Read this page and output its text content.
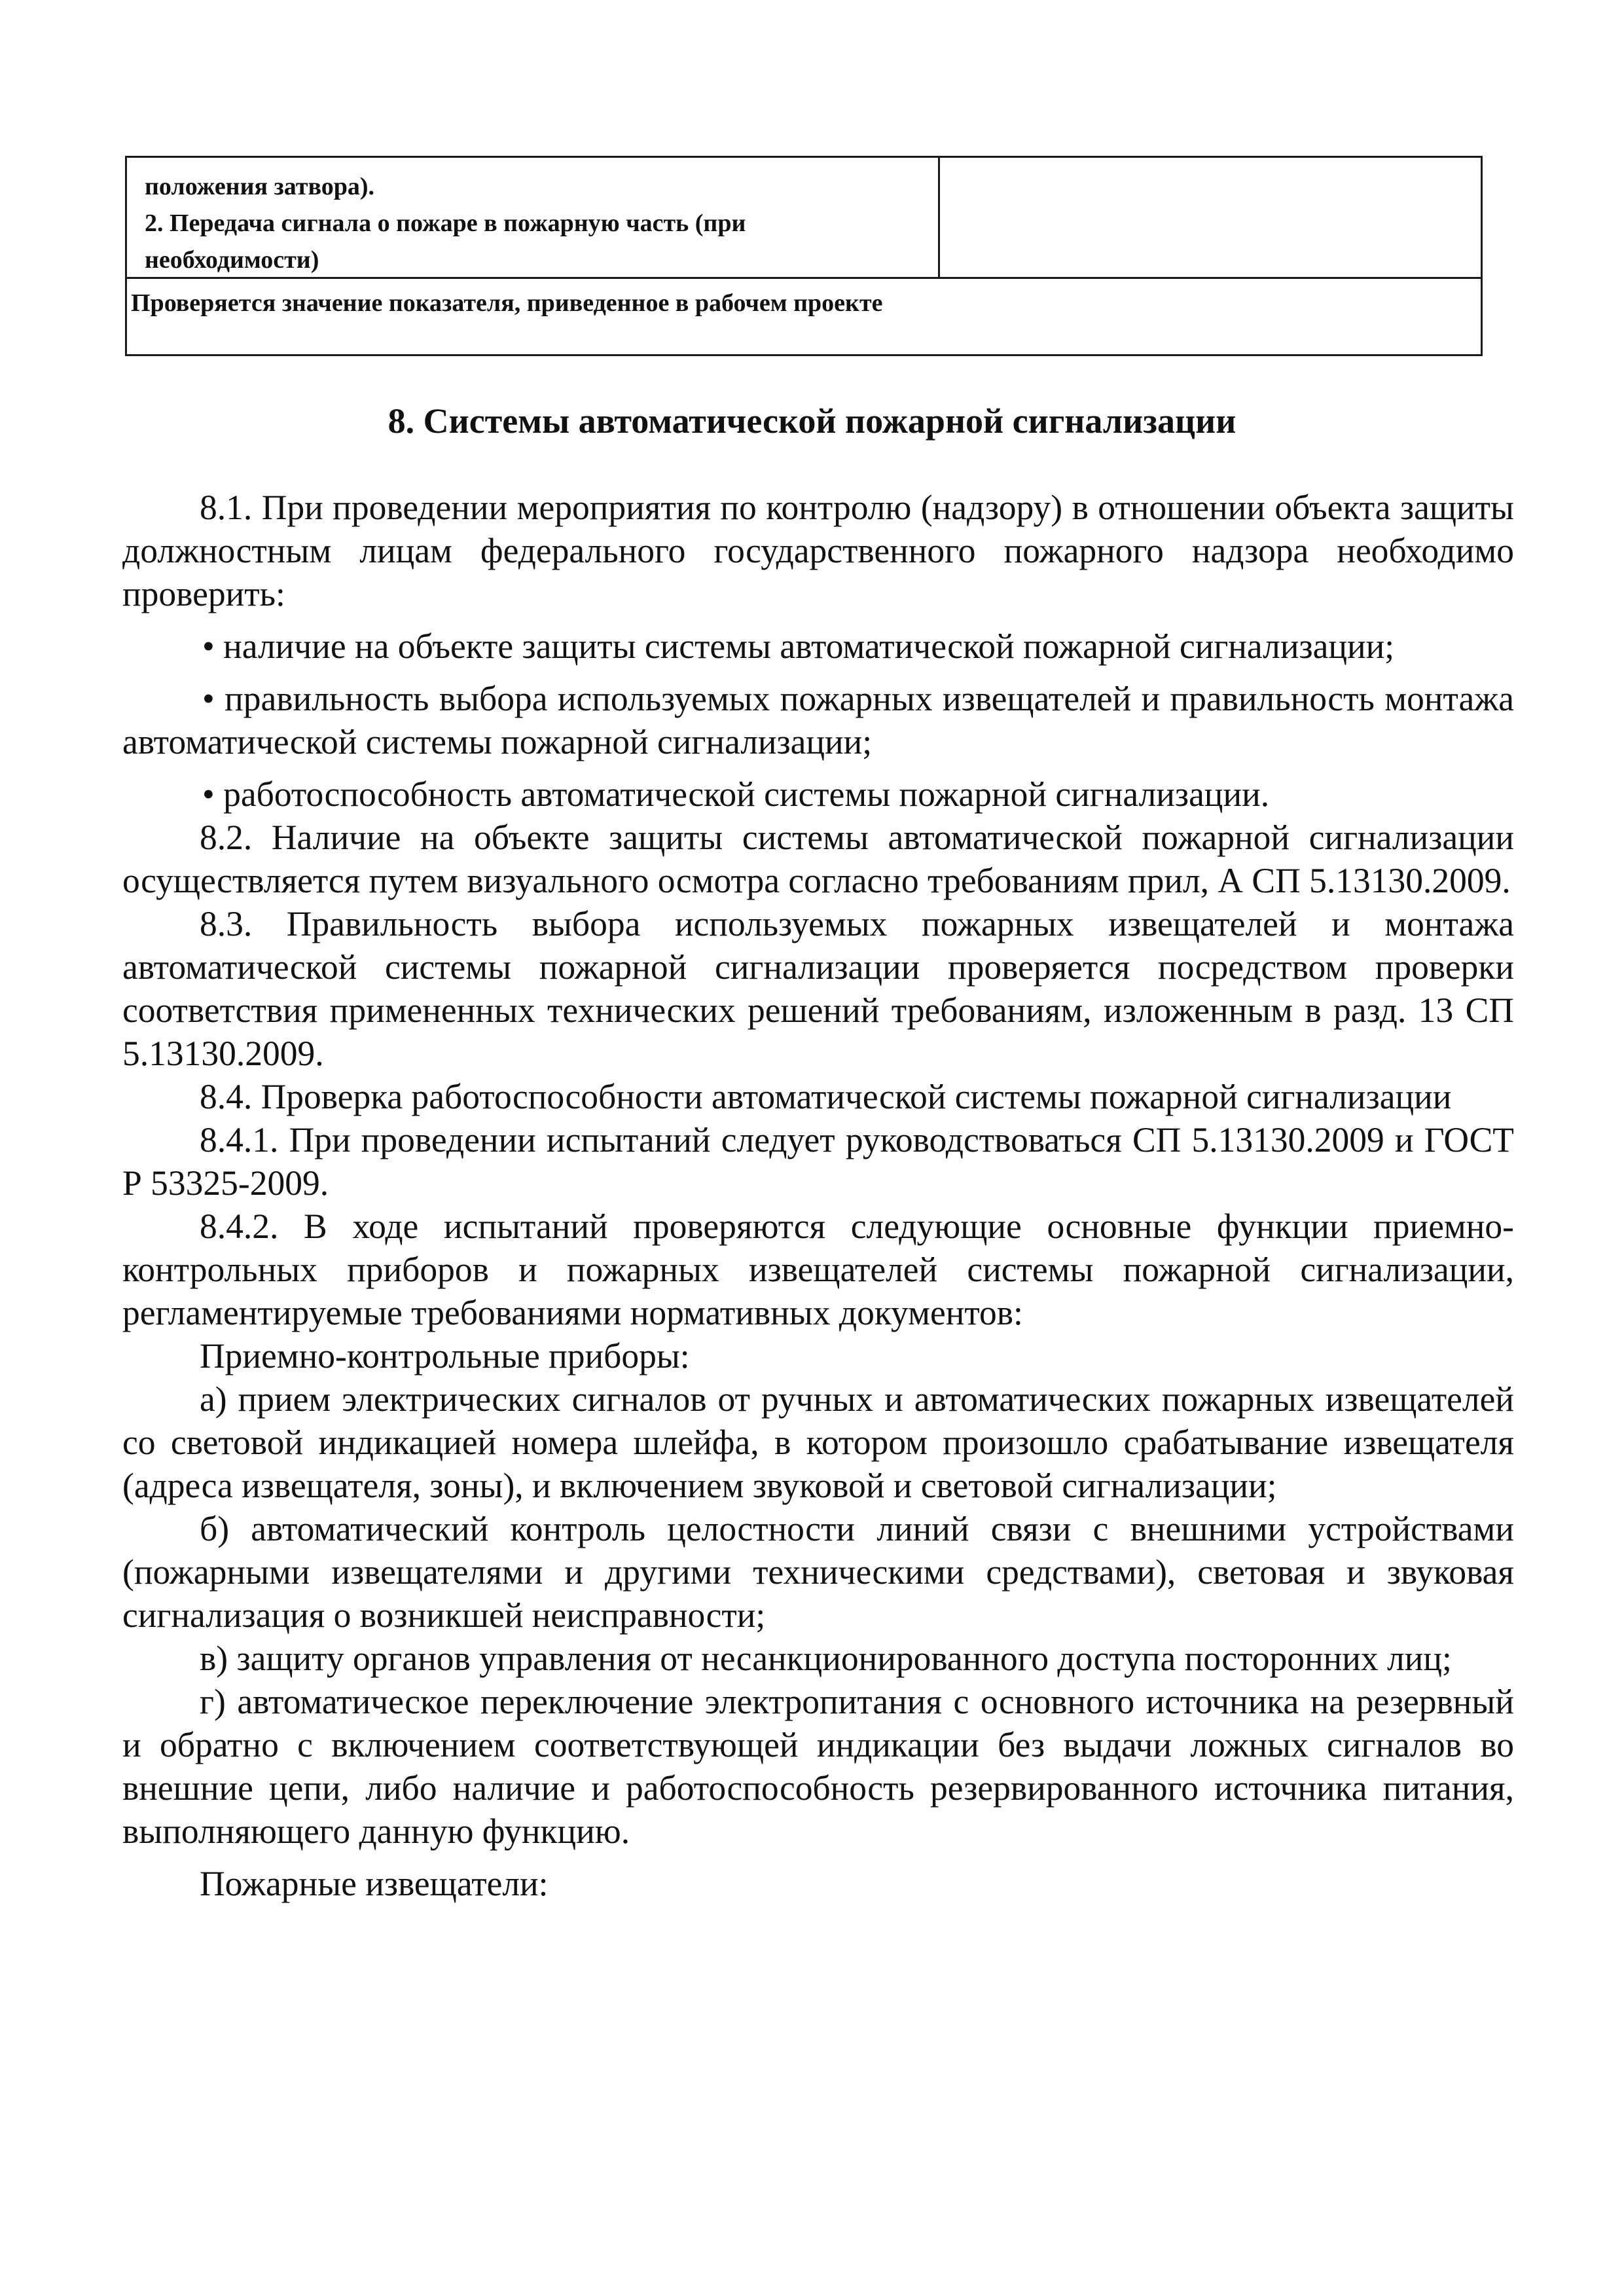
положения затвора).
2. Передача сигнала о пожаре в пожарную часть (при
необходимости)
Проверяется значение показателя, приведенное в рабочем проекте
8. Системы автоматической пожарной сигнализации

8.1. При проведении мероприятия по контролю (надзору) в отношении объекта защиты должностным лицам федерального государственного пожарного надзора необходимо проверить:

• наличие на объекте защиты системы автоматической пожарной сигнализации;

• правильность выбора используемых пожарных извещателей и правильность монтажа автоматической системы пожарной сигнализации;

• работоспособность автоматической системы пожарной сигнализации.

8.2. Наличие на объекте защиты системы автоматической пожарной сигнализации осуществляется путем визуального осмотра согласно требованиям прил, А СП 5.13130.2009.

8.3. Правильность выбора используемых пожарных извещателей и монтажа автоматической системы пожарной сигнализации проверяется посредством проверки соответствия примененных технических решений требованиям, изложенным в разд. 13 СП 5.13130.2009.

8.4. Проверка работоспособности автоматической системы пожарной сигнализации

8.4.1. При проведении испытаний следует руководствоваться СП 5.13130.2009 и ГОСТ Р 53325-2009.

8.4.2. В ходе испытаний проверяются следующие основные функции приемно-контрольных приборов и пожарных извещателей системы пожарной сигнализации, регламентируемые требованиями нормативных документов:

Приемно-контрольные приборы:

а) прием электрических сигналов от ручных и автоматических пожарных извещателей со световой индикацией номера шлейфа, в котором произошло срабатывание извещателя (адреса извещателя, зоны), и включением звуковой и световой сигнализации;

б) автоматический контроль целостности линий связи с внешними устройствами (пожарными извещателями и другими техническими средствами), световая и звуковая сигнализация о возникшей неисправности;

в) защиту органов управления от несанкционированного доступа посторонних лиц;

г) автоматическое переключение электропитания с основного источника на резервный и обратно с включением соответствующей индикации без выдачи ложных сигналов во внешние цепи, либо наличие и работоспособность резервированного источника питания, выполняющего данную функцию.

Пожарные извещатели:
